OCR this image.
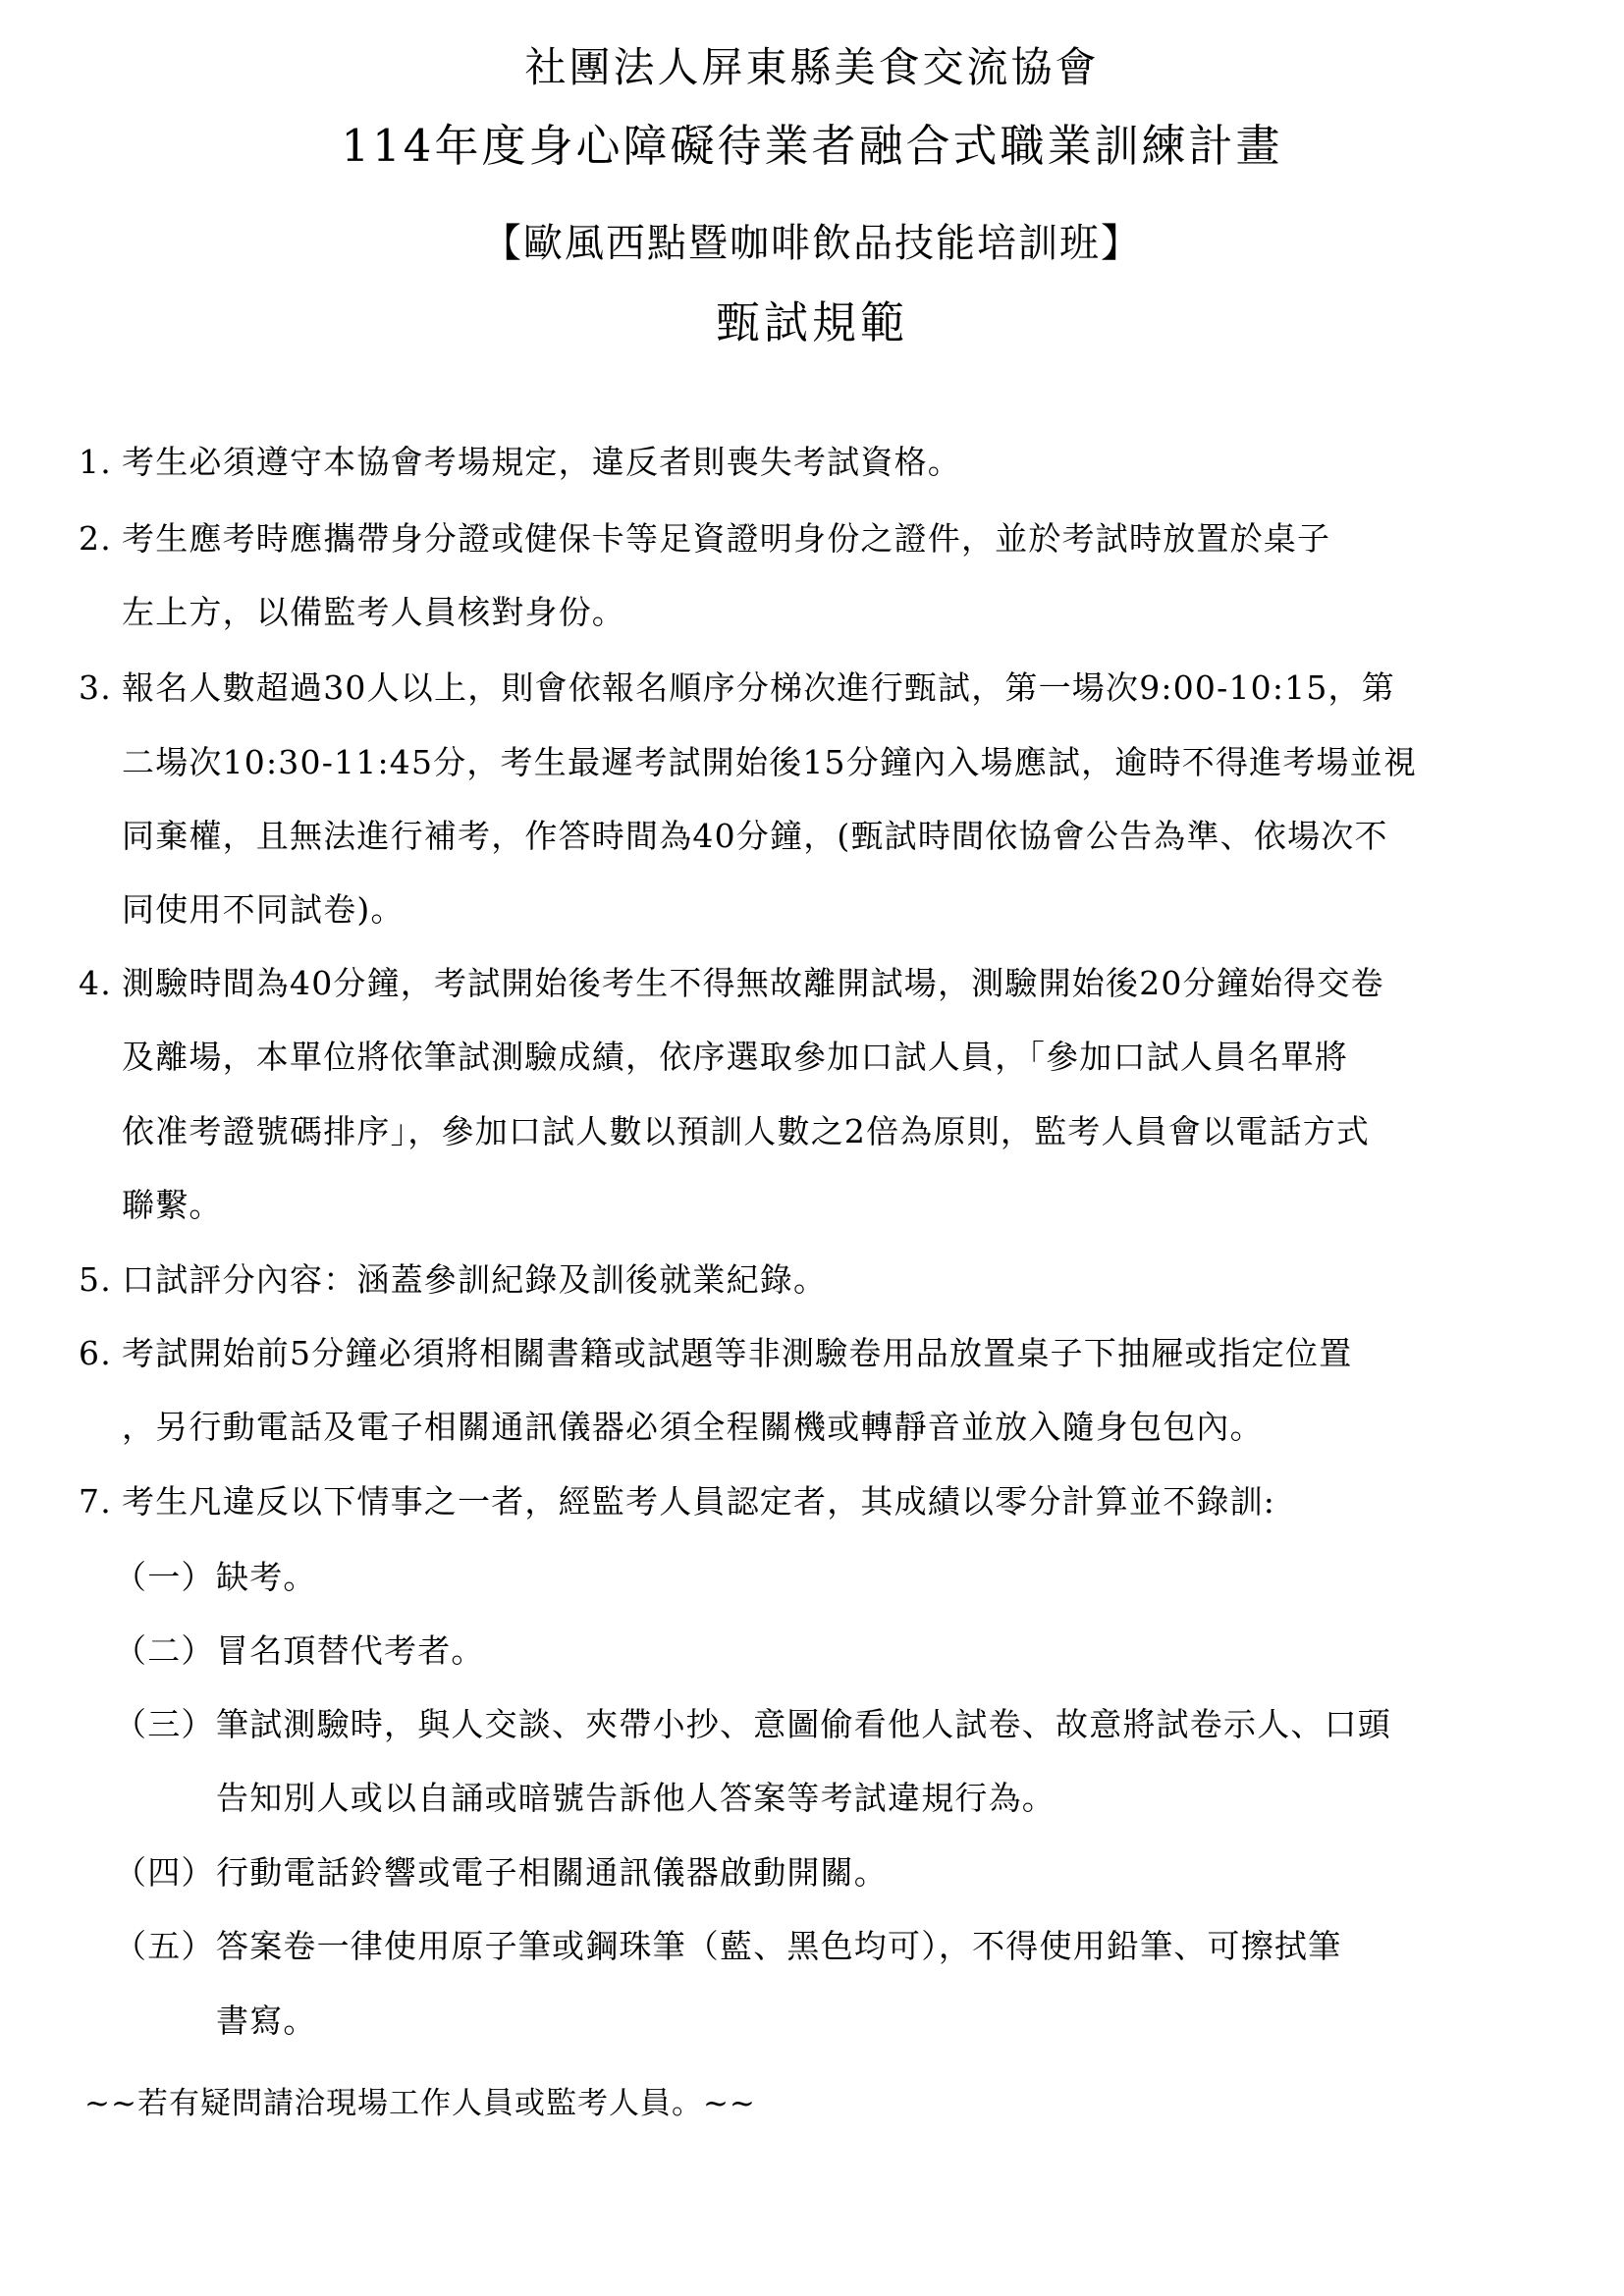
社團法人屏東縣美食交流協會
114年度身心障礙待業者融合式職業訓練計畫
【歐風西點暨咖啡飲品技能培訓班】
甄試規範
1. 考生必須遵守本協會考場規定，違反者則喪失考試資格。
2. 考生應考時應攜帶身分證或健保卡等足資證明身份之證件，並於考試時放置於桌子
左上方，以備監考人員核對身份。
3. 報名人數超過30人以上，則會依報名順序分梯次進行甄試，第一場次9:00-10:15，第
二場次10:30-11:45分，考生最遲考試開始後15分鐘內入場應試，逾時不得進考場並視
同棄權，且無法進行補考，作答時間為40分鐘，(甄試時間依協會公告為準、依場次不
同使用不同試卷)。
4. 測驗時間為40分鐘，考試開始後考生不得無故離開試場，測驗開始後20分鐘始得交卷
及離場，本單位將依筆試測驗成績，依序選取參加口試人員，「參加口試人員名單將
依准考證號碼排序」，參加口試人數以預訓人數之2倍為原則，監考人員會以電話方式
聯繫。
5. 口試評分內容：涵蓋參訓紀錄及訓後就業紀錄。
6. 考試開始前5分鐘必須將相關書籍或試題等非測驗卷用品放置桌子下抽屜或指定位置
，另行動電話及電子相關通訊儀器必須全程關機或轉靜音並放入隨身包包內。
7. 考生凡違反以下情事之一者，經監考人員認定者，其成績以零分計算並不錄訓:
（一）缺考。
（二）冒名頂替代考者。
（三）筆試測驗時，與人交談、夾帶小抄、意圖偷看他人試卷、故意將試卷示人、口頭
告知別人或以自誦或暗號告訴他人答案等考試違規行為。
（四）行動電話鈴響或電子相關通訊儀器啟動開關。
（五）答案卷一律使用原子筆或鋼珠筆（藍、黑色均可），不得使用鉛筆、可擦拭筆
書寫。
~~若有疑問請洽現場工作人員或監考人員。~~
